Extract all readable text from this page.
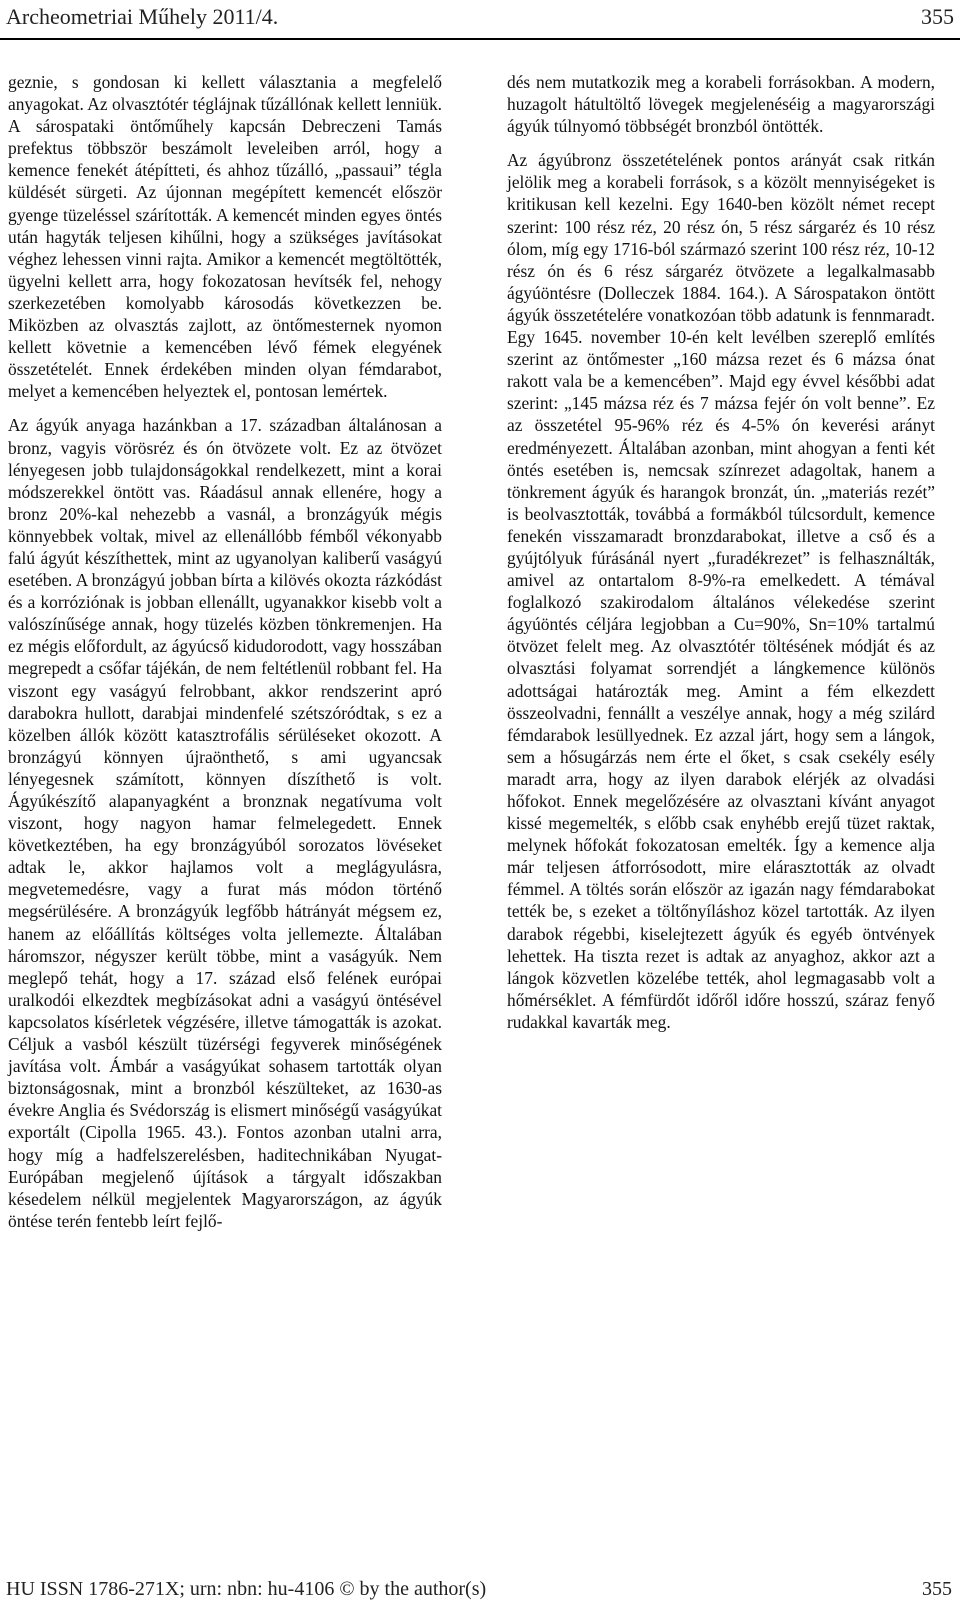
Archeometriai Műhely 2011/4.	355

geznie, s gondosan ki kellett választania a megfelelő anyagokat. Az olvasztótér téglájnak tűzállónak kellett lenniük. A sárospataki öntőműhely kapcsán Debreczeni Tamás prefektus többször beszámolt leveleiben arról, hogy a kemence fenekét átépítteti, és ahhoz tűzálló, „passaui” tégla küldését sürgeti. Az újonnan megépített kemencét először gyenge tüzeléssel szárították. A kemencét minden egyes öntés után hagyták teljesen kihűlni, hogy a szükséges javításokat véghez lehessen vinni rajta. Amikor a kemencét megtöltötték, ügyelni kellett arra, hogy fokozatosan hevítsék fel, nehogy szerkezetében komolyabb károsodás következzen be. Miközben az olvasztás zajlott, az öntőmesternek nyomon kellett követnie a kemencében lévő fémek elegyének összetételét. Ennek érdekében minden olyan fémdarabot, melyet a kemencében helyeztek el, pontosan lemértek.

Az ágyúk anyaga hazánkban a 17. században általánosan a bronz, vagyis vörösréz és ón ötvözete volt. Ez az ötvözet lényegesen jobb tulajdonságokkal rendelkezett, mint a korai módszerekkel öntött vas. Ráadásul annak ellenére, hogy a bronz 20%-kal nehezebb a vasnál, a bronzágyúk mégis könnyebbek voltak, mivel az ellenállóbb fémből vékonyabb falú ágyút készíthettek, mint az ugyanolyan kaliberű vaságyú esetében. A bronzágyú jobban bírta a kilövés okozta rázkódást és a korróziónak is jobban ellenállt, ugyanakkor kisebb volt a valószínűsége annak, hogy tüzelés közben tönkremenjen. Ha ez mégis előfordult, az ágyúcső kidudorodott, vagy hosszában megrepedt a csőfar tájékán, de nem feltétlenül robbant fel. Ha viszont egy vaságyú felrobbant, akkor rendszerint apró darabokra hullott, darabjai mindenfelé szétszóródtak, s ez a közelben állók között katasztrofális sérüléseket okozott. A bronzágyú könnyen újraönthető, s ami ugyancsak lényegesnek számított, könnyen díszíthető is volt. Ágyúkészítő alapanyagként a bronznak negatívuma volt viszont, hogy nagyon hamar felmelegedett. Ennek következtében, ha egy bronzágyúból sorozatos lövéseket adtak le, akkor hajlamos volt a meglágyulásra, megvetemedésre, vagy a furat más módon történő megsérülésére. A bronzágyúk legfőbb hátrányát mégsem ez, hanem az előállítás költséges volta jellemezte. Általában háromszor, négyszer került többe, mint a vaságyúk. Nem meglepő tehát, hogy a 17. század első felének európai uralkodói elkezdtek megbízásokat adni a vaságyú öntésével kapcsolatos kísérletek végzésére, illetve támogatták is azokat. Céljuk a vasból készült tüzérségi fegyverek minőségének javítása volt. Ámbár a vaságyúkat sohasem tartották olyan biztonságosnak, mint a bronzból készülteket, az 1630-as évekre Anglia és Svédország is elismert minőségű vaságyúkat exportált (Cipolla 1965. 43.). Fontos azonban utalni arra, hogy míg a hadfelszerelésben, haditechnikában Nyugat-Európában megjelenő újítások a tárgyalt időszakban késedelem nélkül megjelentek Magyarországon, az ágyúk öntése terén fentebb leírt fejlő-

dés nem mutatkozik meg a korabeli forrásokban. A modern, huzagolt hátultöltő lövegek megjelenéséig a magyarországi ágyúk túlnyomó többségét bronzból öntötték.

Az ágyúbronz összetételének pontos arányát csak ritkán jelölik meg a korabeli források, s a közölt mennyiségeket is kritikusan kell kezelni. Egy 1640-ben közölt német recept szerint: 100 rész réz, 20 rész ón, 5 rész sárgaréz és 10 rész ólom, míg egy 1716-ból származó szerint 100 rész réz, 10-12 rész ón és 6 rész sárgaréz ötvözete a legalkalmasabb ágyúöntésre (Dolleczek 1884. 164.). A Sárospatakon öntött ágyúk összetételére vonatkozóan több adatunk is fennmaradt. Egy 1645. november 10-én kelt levélben szereplő említés szerint az öntőmester „160 mázsa rezet és 6 mázsa ónat rakott vala be a kemencében”. Majd egy évvel későbbi adat szerint: „145 mázsa réz és 7 mázsa fejér ón volt benne”. Ez az összetétel 95-96% réz és 4-5% ón keverési arányt eredményezett. Általában azonban, mint ahogyan a fenti két öntés esetében is, nemcsak színrezet adagoltak, hanem a tönkrement ágyúk és harangok bronzát, ún. „materiás rezét” is beolvasztották, továbbá a formákból túlcsordult, kemence fenekén visszamaradt bronzdarabokat, illetve a cső és a gyújtólyuk fúrásánál nyert „furadékrezet” is felhasználták, amivel az ontartalom 8-9%-ra emelkedett. A témával foglalkozó szakirodalom általános vélekedése szerint ágyúöntés céljára legjobban a Cu=90%, Sn=10% tartalmú ötvözet felelt meg. Az olvasztótér töltésének módját és az olvasztási folyamat sorrendjét a lángkemence különös adottságai határozták meg. Amint a fém elkezdett összeolvadni, fennállt a veszélye annak, hogy a még szilárd fémdarabok lesüllyednek. Ez azzal járt, hogy sem a lángok, sem a hősugárzás nem érte el őket, s csak csekély esély maradt arra, hogy az ilyen darabok elérjék az olvadási hőfokot. Ennek megelőzésére az olvasztani kívánt anyagot kissé megemelték, s előbb csak enyhébb erejű tüzet raktak, melynek hőfokát fokozatosan emelték. Így a kemence alja már teljesen átforrósodott, mire elárasztották az olvadt fémmel. A töltés során először az igazán nagy fémdarabokat tették be, s ezeket a töltőnyíláshoz közel tartották. Az ilyen darabok régebbi, kiselejtezett ágyúk és egyéb öntvények lehettek. Ha tiszta rezet is adtak az anyaghoz, akkor azt a lángok közvetlen közelébe tették, ahol legmagasabb volt a hőmérséklet. A fémfürdőt időről időre hosszú, száraz fenyő rudakkal kavarták meg.

HU ISSN 1786-271X; urn: nbn: hu-4106 © by the author(s)	355
